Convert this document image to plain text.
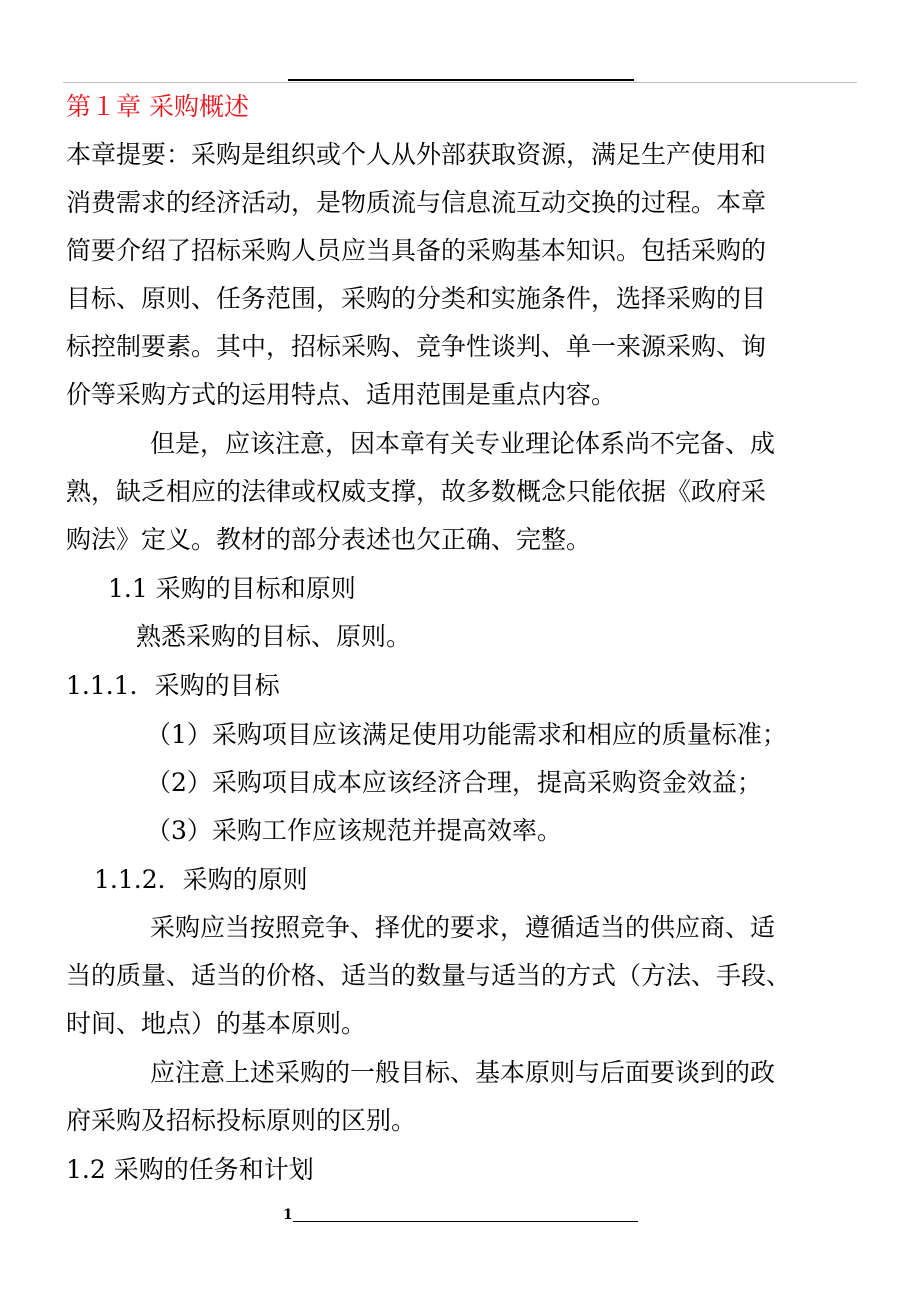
第１章 采购概述
本章提要：采购是组织或个人从外部获取资源，满足生产使用和
消费需求的经济活动，是物质流与信息流互动交换的过程。本章
简要介绍了招标采购人员应当具备的采购基本知识。包括采购的
目标、原则、任务范围，采购的分类和实施条件，选择采购的目
标控制要素。其中，招标采购、竞争性谈判、单一来源采购、询
价等采购方式的运用特点、适用范围是重点内容。
但是，应该注意，因本章有关专业理论体系尚不完备、成
熟，缺乏相应的法律或权威支撑，故多数概念只能依据《政府采
购法》定义。教材的部分表述也欠正确、完整。
1.1 采购的目标和原则
熟悉采购的目标、原则。
1.1.1．采购的目标
（1）采购项目应该满足使用功能需求和相应的质量标准；
（2）采购项目成本应该经济合理，提高采购资金效益；
（3）采购工作应该规范并提高效率。
1.1.2．采购的原则
采购应当按照竞争、择优的要求，遵循适当的供应商、适
当的质量、适当的价格、适当的数量与适当的方式（方法、手段、
时间、地点）的基本原则。
应注意上述采购的一般目标、基本原则与后面要谈到的政
府采购及招标投标原则的区别。
1.2 采购的任务和计划
1
